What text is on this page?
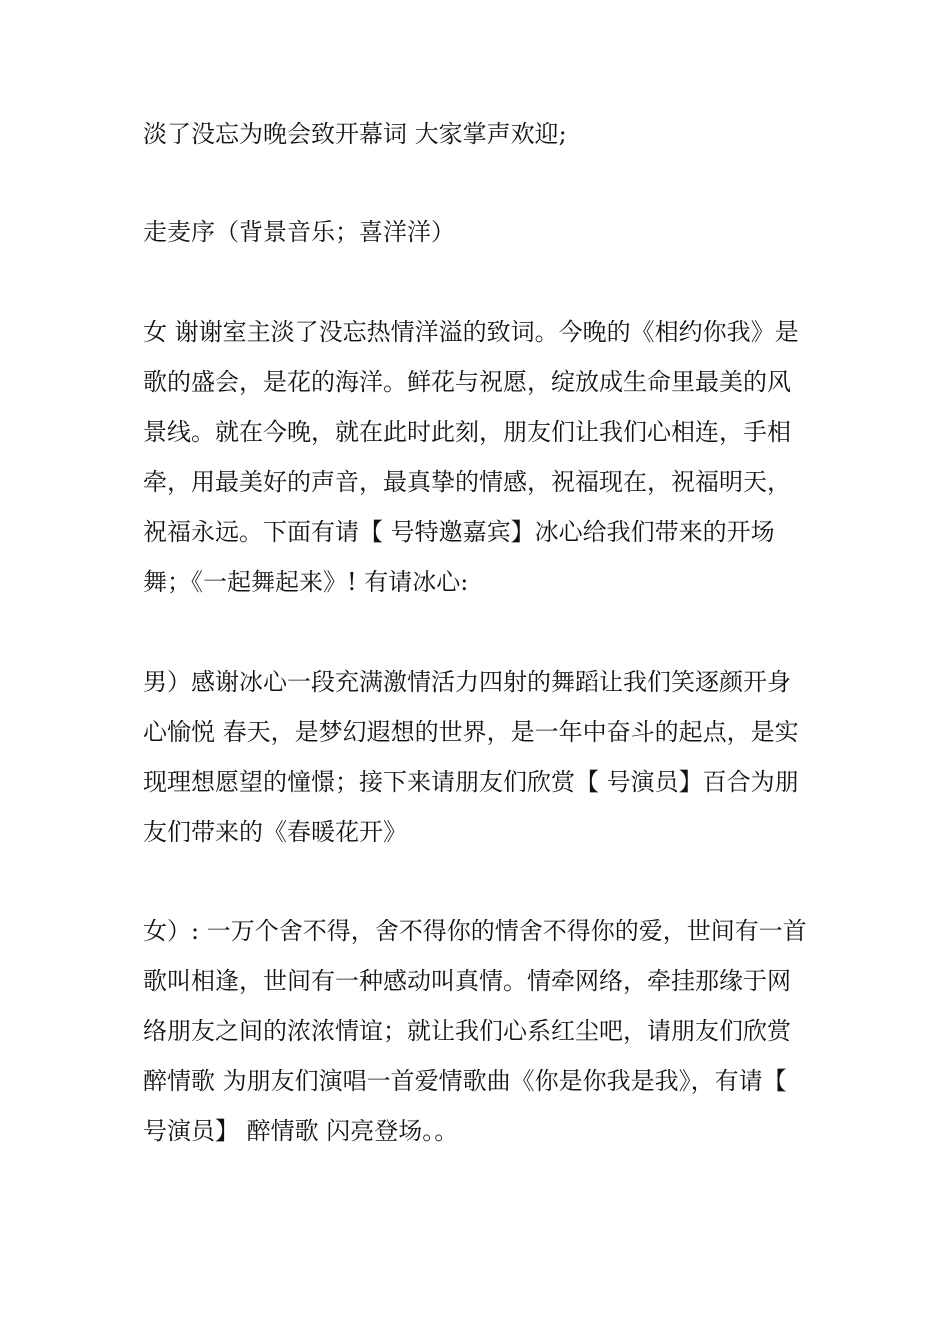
淡了没忘为晚会致开幕词 大家掌声欢迎;

走麦序（背景音乐；喜洋洋）

女 谢谢室主淡了没忘热情洋溢的致词。今晚的《相约你我》是歌的盛会，是花的海洋。鲜花与祝愿，绽放成生命里最美的风景线。就在今晚，就在此时此刻，朋友们让我们心相连，手相牵，用最美好的声音，最真挚的情感，祝福现在，祝福明天，祝福永远。下面有请【 号特邀嘉宾】冰心给我们带来的开场舞；《一起舞起来》! 有请冰心:

男）感谢冰心一段充满激情活力四射的舞蹈让我们笑逐颜开身心愉悦 春天，是梦幻遐想的世界，是一年中奋斗的起点，是实现理想愿望的憧憬；接下来请朋友们欣赏【 号演员】百合为朋友们带来的《春暖花开》

女）: 一万个舍不得，舍不得你的情舍不得你的爱，世间有一首歌叫相逢，世间有一种感动叫真情。情牵网络，牵挂那缘于网络朋友之间的浓浓情谊；就让我们心系红尘吧，请朋友们欣赏醉情歌 为朋友们演唱一首爱情歌曲《你是你我是我》，有请【 号演员】 醉情歌 闪亮登场。。
